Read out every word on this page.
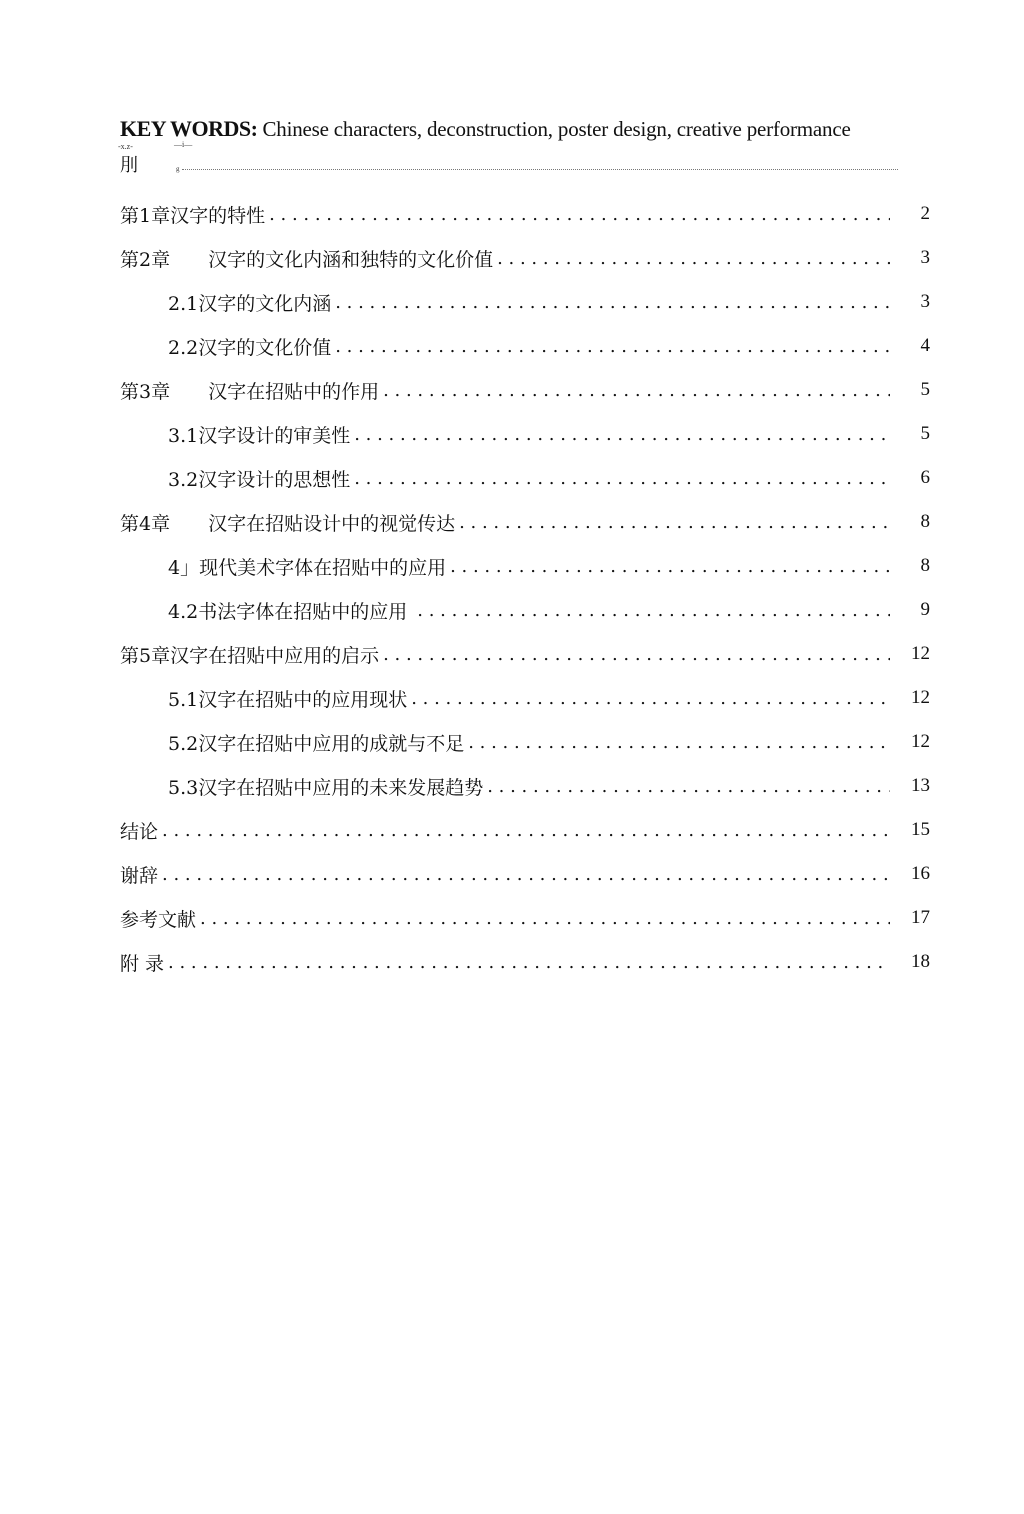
KEY WORDS: Chinese characters, deconstruction, poster design, creative performance
-x.z-	—i—
刖	g
第1章汉字的特性 . . .	2
第2章　　汉字的文化内涵和独特的文化价值 . . .	3
2.1汉字的文化内涵 . . .	3
2.2汉字的文化价值 . . .	4
第3章　　汉字在招贴中的作用 . . .	5
3.1汉字设计的审美性 . . .	5
3.2汉字设计的思想性 . . .	6
第4章　　汉字在招贴设计中的视觉传达 . . .	8
4」现代美术字体在招贴中的应用 . . .	8
4.2书法字体在招贴中的应用 . . .	9
第5章汉字在招贴中应用的启示 . . .	12
5.1汉字在招贴中的应用现状 . . .	12
5.2汉字在招贴中应用的成就与不足 . . .	12
5.3汉字在招贴中应用的未来发展趋势 . . .	13
结论 . . .	15
谢辞 . . .	16
参考文献 . . .	17
附 录 . . .	18
